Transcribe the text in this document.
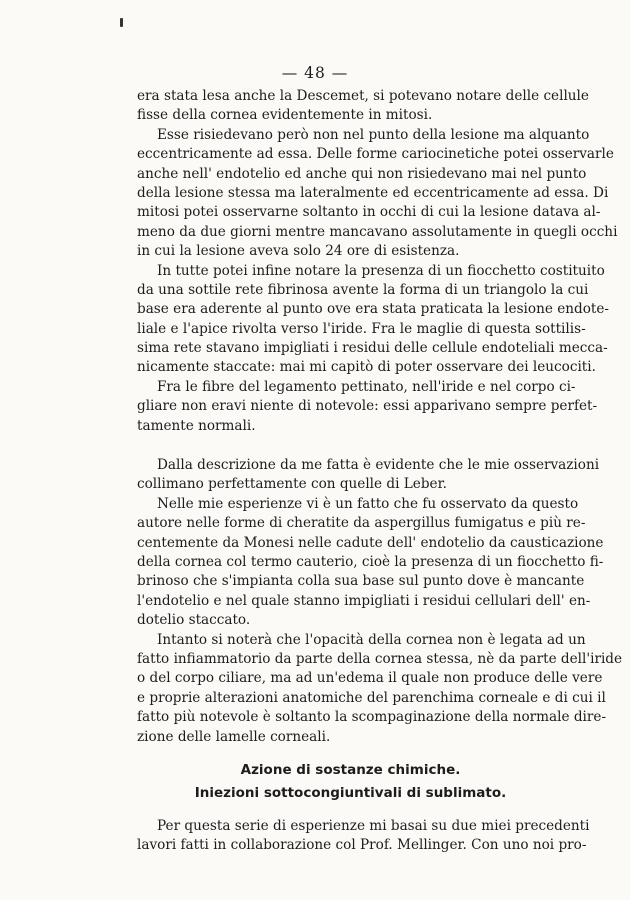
— 48 —
era stata lesa anche la Descemet, si potevano notare delle cellule
fisse della cornea evidentemente in mitosi.
Esse risiedevano però non nel punto della lesione ma alquanto
eccentricamente ad essa. Delle forme cariocinetiche potei osservarle
anche nell' endotelio ed anche qui non risiedevano mai nel punto
della lesione stessa ma lateralmente ed eccentricamente ad essa. Di
mitosi potei osservarne soltanto in occhi di cui la lesione datava al-
meno da due giorni mentre mancavano assolutamente in quegli occhi
in cui la lesione aveva solo 24 ore di esistenza.
In tutte potei infine notare la presenza di un fiocchetto costituito
da una sottile rete fibrinosa avente la forma di un triangolo la cui
base era aderente al punto ove era stata praticata la lesione endote-
liale e l'apice rivolta verso l'iride. Fra le maglie di questa sottilis-
sima rete stavano impigliati i residui delle cellule endoteliali mecca-
nicamente staccate: mai mi capitò di poter osservare dei leucociti.
Fra le fibre del legamento pettinato, nell'iride e nel corpo ci-
gliare non eravi niente di notevole: essi apparivano sempre perfet-
tamente normali.
Dalla descrizione da me fatta è evidente che le mie osservazioni
collimano perfettamente con quelle di Leber.
Nelle mie esperienze vi è un fatto che fu osservato da questo
autore nelle forme di cheratite da aspergillus fumigatus e più re-
centemente da Monesi nelle cadute dell' endotelio da causticazione
della cornea col termo cauterio, cioè la presenza di un fiocchetto fi-
brinoso che s'impianta colla sua base sul punto dove è mancante
l'endotelio e nel quale stanno impigliati i residui cellulari dell' en-
dotelio staccato.
Intanto si noterà che l'opacità della cornea non è legata ad un
fatto infiammatorio da parte della cornea stessa, nè da parte dell'iride
o del corpo ciliare, ma ad un'edema il quale non produce delle vere
e proprie alterazioni anatomiche del parenchima corneale e di cui il
fatto più notevole è soltanto la scompaginazione della normale dire-
zione delle lamelle corneali.
Azione di sostanze chimiche.
Iniezioni sottocongiuntivali di sublimato.
Per questa serie di esperienze mi basai su due miei precedenti
lavori fatti in collaborazione col Prof. Mellinger. Con uno noi pro-
